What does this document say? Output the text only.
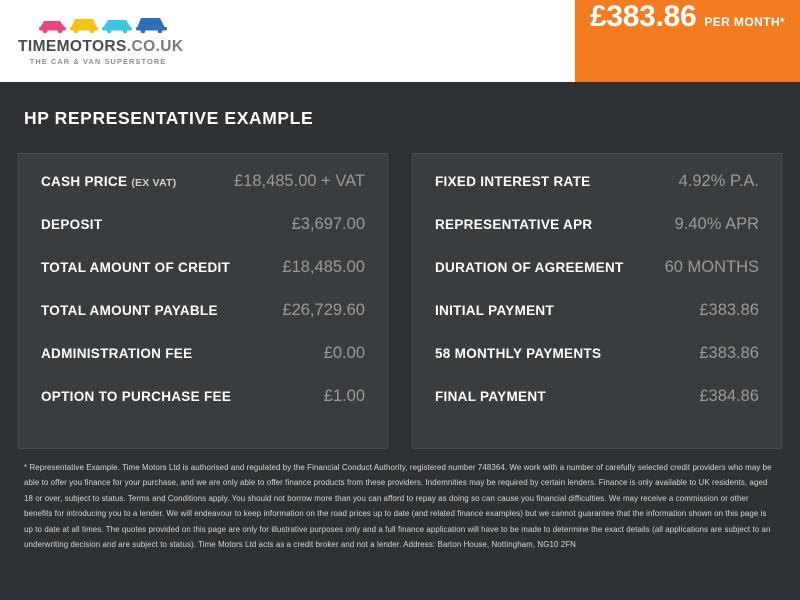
TIMEMOTORS.CO.UK
THE CAR & VAN SUPERSTORE
£383.86 PER MONTH*
HP REPRESENTATIVE EXAMPLE
CASH PRICE (EX VAT)	£18,485.00 + VAT
DEPOSIT	£3,697.00
TOTAL AMOUNT OF CREDIT	£18,485.00
TOTAL AMOUNT PAYABLE	£26,729.60
ADMINISTRATION FEE	£0.00
OPTION TO PURCHASE FEE	£1.00
FIXED INTEREST RATE	4.92% P.A.
REPRESENTATIVE APR	9.40% APR
DURATION OF AGREEMENT 60 MONTHS
INITIAL PAYMENT	£383.86
58 MONTHLY PAYMENTS	£383.86
FINAL PAYMENT	£384.86
* Representative Example. Time Motors Ltd is authorised and regulated by the Financial Conduct Authority, registered number 748364. We work with a number of carefully selected credit providers who may be able to offer you finance for your purchase, and we are only able to offer finance products from these providers. Indemnities may be required by certain lenders. Finance is only available to UK residents, aged 18 or over, subject to status. Terms and Conditions apply. You should not borrow more than you can afford to repay as doing so can cause you financial difficulties. We may receive a commission or other benefits for introducing you to a lender. We will endeavour to keep information on the road prices up to date (and related finance examples) but we cannot guarantee that the information shown on this page is up to date at all times. The quotes provided on this page are only for illustrative purposes only and a full finance application will have to be made to determine the exact details (all applications are subject to an underwriting decision and are subject to status). Time Motors Ltd acts as a credit broker and not a lender. Address: Barton House, Nottingham, NG10 2FN
